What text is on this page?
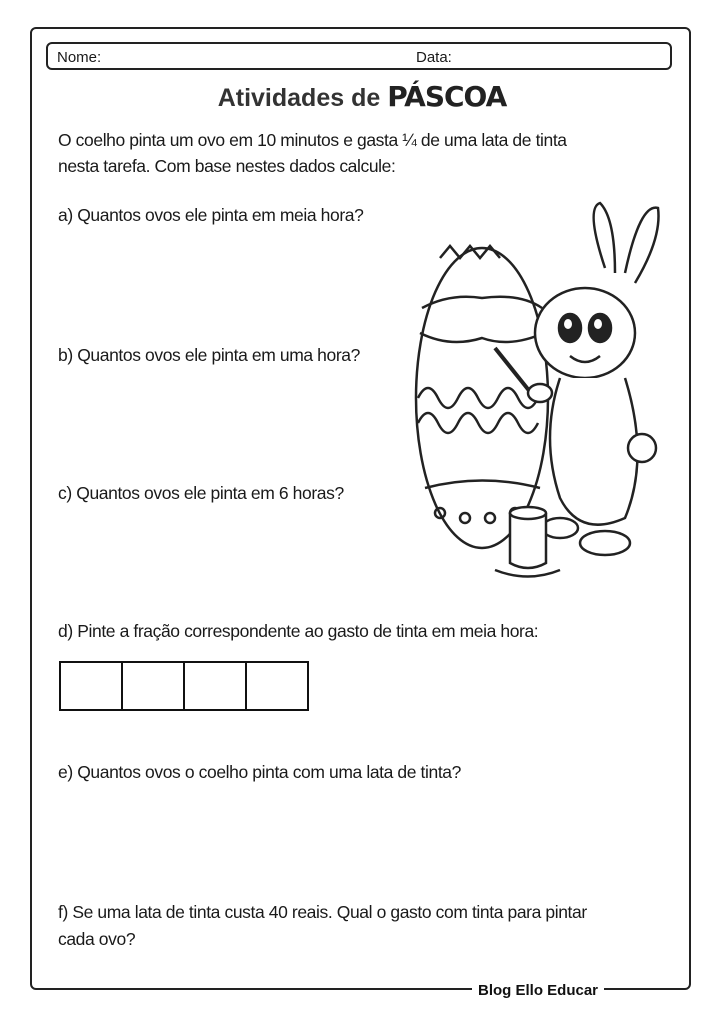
Nome:	Data:
Atividades de PÁSCOA
O coelho pinta um ovo em 10 minutos e gasta ¼ de uma lata de tinta
nesta tarefa. Com base nestes dados calcule:
a) Quantos ovos ele pinta em meia hora?
b) Quantos ovos ele pinta em uma hora?
c) Quantos ovos ele pinta em 6 horas?
d) Pinte a fração correspondente ao gasto de tinta em meia hora:
e) Quantos ovos o coelho pinta com uma lata de tinta?
f) Se uma lata de tinta custa 40 reais. Qual o gasto com tinta para pintar
cada ovo?
Blog Ello Educar
